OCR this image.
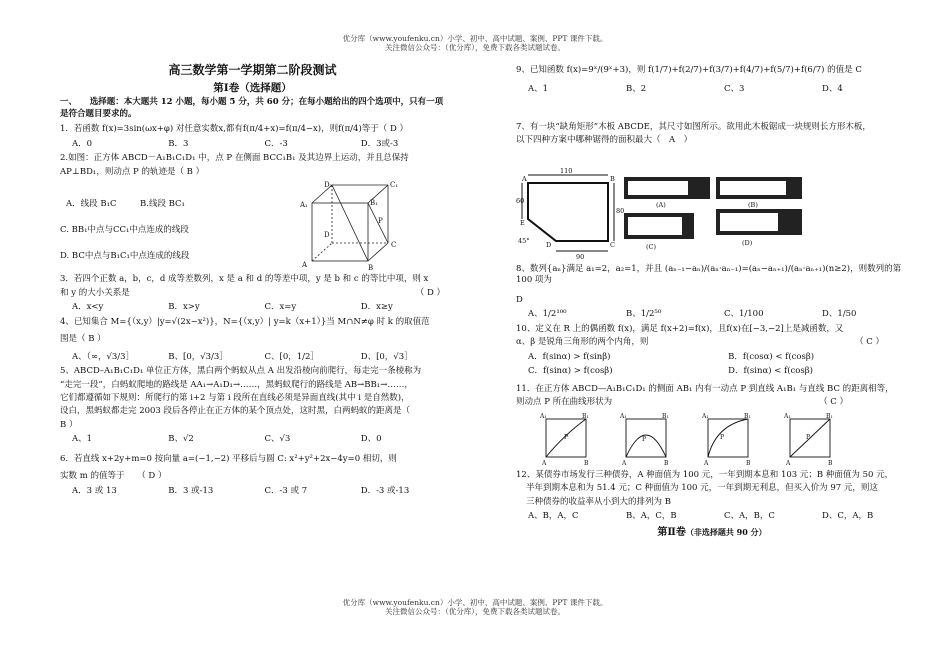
优分库（www.youfenku.cn）小学、初中、高中试题、案例、PPT 课件下载。
关注微信公众号：（优分库），免费下载各类试题试卷。
高三数学第一学期第二阶段测试
第Ⅰ卷（选择题）
一、　　选择题：本大题共 12 小题，每小题 5 分，共 60 分；在每小题给出的四个选项中，只有一项是符合题目要求的。
1．若函数 f(x)=3sin(ωx+φ) 对任意实数x,都有f(π/4+x)=f(π/4−x)，则f(π/4)等于（ D ）
A．0	B．3	C．-3	D．3或-3
2.如图：正方体 ABCD－A₁B₁C₁D₁ 中，点 P 在侧面 BCC₁B₁ 及其边界上运动，并且总保持
AP⊥BD₁，则动点 P 的轨迹是（ B ）
A．线段 B₁C	B.线段 BC₁
C. BB₁中点与CC₁中点连成的线段
D. BC中点与B₁C₁中点连成的线段
D₁	C₁
A₁	B₁
P
D
C
A	B
3．若四个正数 a，b，c，d 成等差数列，x 是 a 和 d 的等差中项，y 是 b 和 c 的等比中项，则 x
和 y 的大小关系是	（ D ）
A．x<y	B．x>y	C．x=y	D．x≥y
4、已知集合 M={（x,y）|y=√(2x−x²)}，N={（x,y）| y=k（x+1）}当 M∩N≠φ 时 k 的取值范
围是（ B ）
A、（∞，√3/3］	B、[0，√3/3］	C、[0，1/2］	D、[0，√3］
5、ABCD–A₁B₁C₁D₁ 单位正方体，黑白两个蚂蚁从点 A 出发沿棱向前爬行，每走完一条棱称为
“走完一段”，白蚂蚁爬地的路线是 AA₁→A₁D₁→……，黑蚂蚁爬行的路线是 AB→BB₁→……，
它们都遵循如下规则：所爬行的第 i+2 与第 i 段所在直线必须是异面直线(其中 i 是自然数)，
设白，黑蚂蚁都走完 2003 段后各停止在正方体的某个顶点处，这时黑，白两蚂蚁的距离是（
B ）
A、1	B、√2	C、√3	D、0
6．若直线 x+2y+m=0 按向量 a=(−1,−2) 平移后与圆 C: x²+y²+2x−4y=0 相切，则
实数 m 的值等于　　 （ D ）
A．3 或 13	B．3 或-13	C．-3 或 7	D．-3 或-13
9、已知函数 f(x)=9ˣ/(9ˣ+3)，则 f(1/7)+f(2/7)+f(3/7)+f(4/7)+f(5/7)+f(6/7) 的值是 C
A、1	B、2	C、3	D、4
7、有一块“缺角矩形”木板 ABCDE，其尺寸如图所示。欲用此木板锯成一块规则长方形木板，
以下四种方案中哪种锯得的面积最大（　A　）
110
A	B
80
60
E
D	C
45°
90
(A)	(B)
(C)	(D)
8、数列{aₙ}满足 a₁=2，a₂=1，并且 (aₙ₋₁−aₙ)/(aₙ·aₙ₋₁)=(aₙ−aₙ₊₁)/(aₙ·aₙ₊₁)(n≥2)，则数列的第 100 项为
D
A、1/2¹⁰⁰	B、1/2⁵⁰	C、1/100	D、1/50
10、定义在 R 上的偶函数 f(x)，满足 f(x+2)=f(x)，且f(x)在[−3,−2]上是减函数，又
α、β 是锐角三角形的两个内角，则	（ C ）
A．f(sinα) > f(sinβ)	B．f(cosα) < f(cosβ)
C．f(sinα) > f(cosβ)	D．f(sinα) < f(cosβ)
11．在正方体 ABCD—A₁B₁C₁D₁ 的侧面 AB₁ 内有一动点 P 到直线 A₁B₁ 与直线 BC 的距离相等，
则动点 P 所在曲线形状为	（ C ）
A₁	B₁
P
A	B
A₁	B₁
P
A	B
A₁	B₁
P
A	B
A₁	B₁
P
A	B
12、某债券市场发行三种债券，A 种面值为 100 元，一年到期本息和 103 元；B 种面值为 50 元，
半年到期本息和为 51.4 元；C 种面值为 100 元，一年到期无利息，但买入价为 97 元，则这
三种债券的收益率从小到大的排列为 B
A、B，A，C	B、A，C，B	C、A，B，C	D、C，A，B
第Ⅱ卷（非选择题共 90 分）
优分库（www.youfenku.cn）小学、初中、高中试题、案例、PPT 课件下载。
关注微信公众号：（优分库），免费下载各类试题试卷。
